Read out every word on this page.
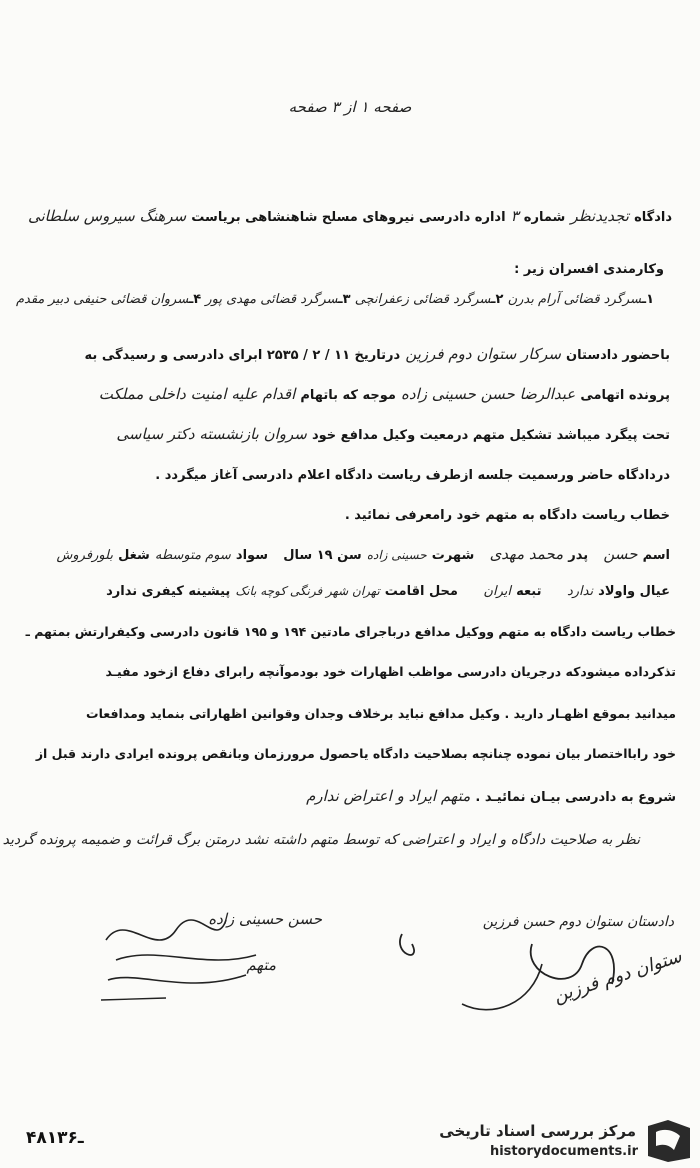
صفحه ۱ از ۳ صفحه
دادگاه تجدیدنظر شماره ۳ اداره دادرسی نیروهای مسلح شاهنشاهی بریاست سرهنگ سیروس سلطانی
وکارمندی افسران زیر :
۱ـسرگرد قضائی آرام بدرن ۲ـسرگرد قضائی زعفرانچی ۳ـسرگرد قضائی مهدی پور ۴ـسروان قضائی حنیفی دبیر مقدم
باحضور دادستان سرکار ستوان دوم فرزین درتاریخ ۱۱ / ۲ / ۲۵۳۵ ابرای دادرسی و رسیدگی به
پرونده اتهامی عبدالرضا حسن حسینی زاده موجه که باتهام اقدام علیه امنیت داخلی مملکت
تحت پیگرد میباشد تشکیل متهم درمعیت وکیل مدافع خود سروان بازنشسته دکتر سیاسی
دردادگاه حاضر ورسمیت جلسه ازطرف ریاست دادگاه اعلام دادرسی آغاز میگردد .
خطاب ریاست دادگاه به متهم خود رامعرفی نمائید .
اسم حسن   پدر محمد مهدی   شهرت حسینی زاده سن ۱۹ سال   سواد سوم متوسطه شغل بلورفروش
عیال واولاد ندارد     تبعه ایران     محل اقامت تهران شهر فرنگی کوچه بانک پیشینه کیفری ندارد
خطاب ریاست دادگاه به متهم ووکیل مدافع درباجرای مادتین ۱۹۴ و ۱۹۵ قانون دادرسی وکیفرارتش بمتهم ـ
تذکرداده میشودکه درجریان دادرسی مواظب اظهارات خود بودموآنچه رابرای دفاع ازخود مفیـد
میدانید بموقع اظهـار دارید . وکیل مدافع نباید برخلاف وجدان وقوانین اظهاراتی بنماید ومدافعات
خود رابااختصار بیان نموده چنانچه بصلاحیت دادگاه یاحصول مرورزمان وبانقص پرونده ایرادی دارند قبل از
شروع به دادرسی بیـان نمائیـد . متهم ایراد و اعتراض ندارم
نظر به صلاحیت دادگاه و ایراد و اعتراضی که توسط متهم داشته نشد درمتن برگ قرائت و ضمیمه پرونده گردید
حسن حسینی زاده
متهم
دادستان ستوان دوم حسن فرزین
ستوان دوم فرزین
۴۸ـ۱۳۶	مرکز بررسی اسناد تاریخی
historydocuments.ir
